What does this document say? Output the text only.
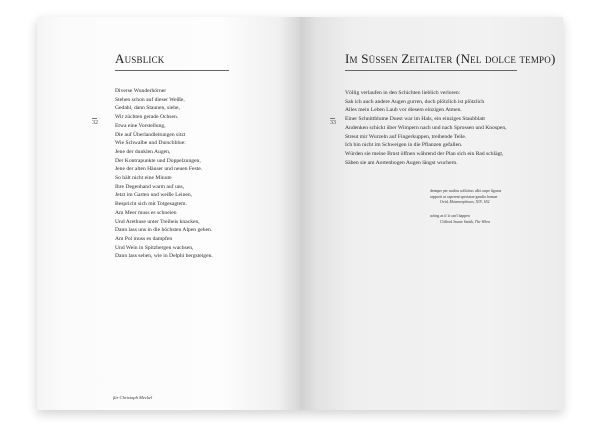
Ausblick
32
Diverse Wunderhörner
Stehen schon auf dieser Weiße,
Gedahl, dann Staunen, siehe,
Wir züchten gerade Ochsen.
Etwa eine Vorstellung,
Die auf Überlandleitungen sitzt
Wie Schwalbe und Durschblue:
Jene der dunklen Augen,
Der Kontrapunkte und Doppelzungen,
Jene der alten Häuser und neuen Feste.
So hält nicht eine Minute
Ihre Degenhand warm auf uns,
Jetzt im Garten und weiße Leinen,
Bespricht sich mit Totgesagtem.
Am Meer muss es schneien
Und Arethuse unter Treibeis knacken,
Dann lass uns in die höchsten Alpen gehen.
Am Pol muss es dampfen
Und Wein in Spitzbergen wachsen,
Dann lass sehen, wie in Delphi bergsteigen.
für Christoph Meckel
Im Süßen Zeitalter (Nel dolce tempo)
33
Völlig verlaufen in den Schichten lieblich verloren:
Sah ich auch andere Augen gurren, doch plötzlich ist plötzlich
Alles mein Leben Laub vor diesem einzigen Atmen.
Einer Schnittblume Duest war im Hals, ein einziges Staubblatt
Andenken schickt über Wimpern nach und nach Sprossen und Knospen,
Streut mir Wurzeln auf Fingerkuppen, treibende Teile.
Ich bin nicht im Schweigen in die Pflanzen gefallen.
Würden sie meine Brust öffnen während der Plan sich ein Rad schlägt,
Säben sie am Aortenbogen Augen längst wuchern.
denique per multos sollicitus ulbi carpe figuras
rapportt ut caperent spectatae gaudia formae
Ovid, Metamorphoses, XIV, 652
acting as if it can't happen
Clifford Jeaure Smith, The When
